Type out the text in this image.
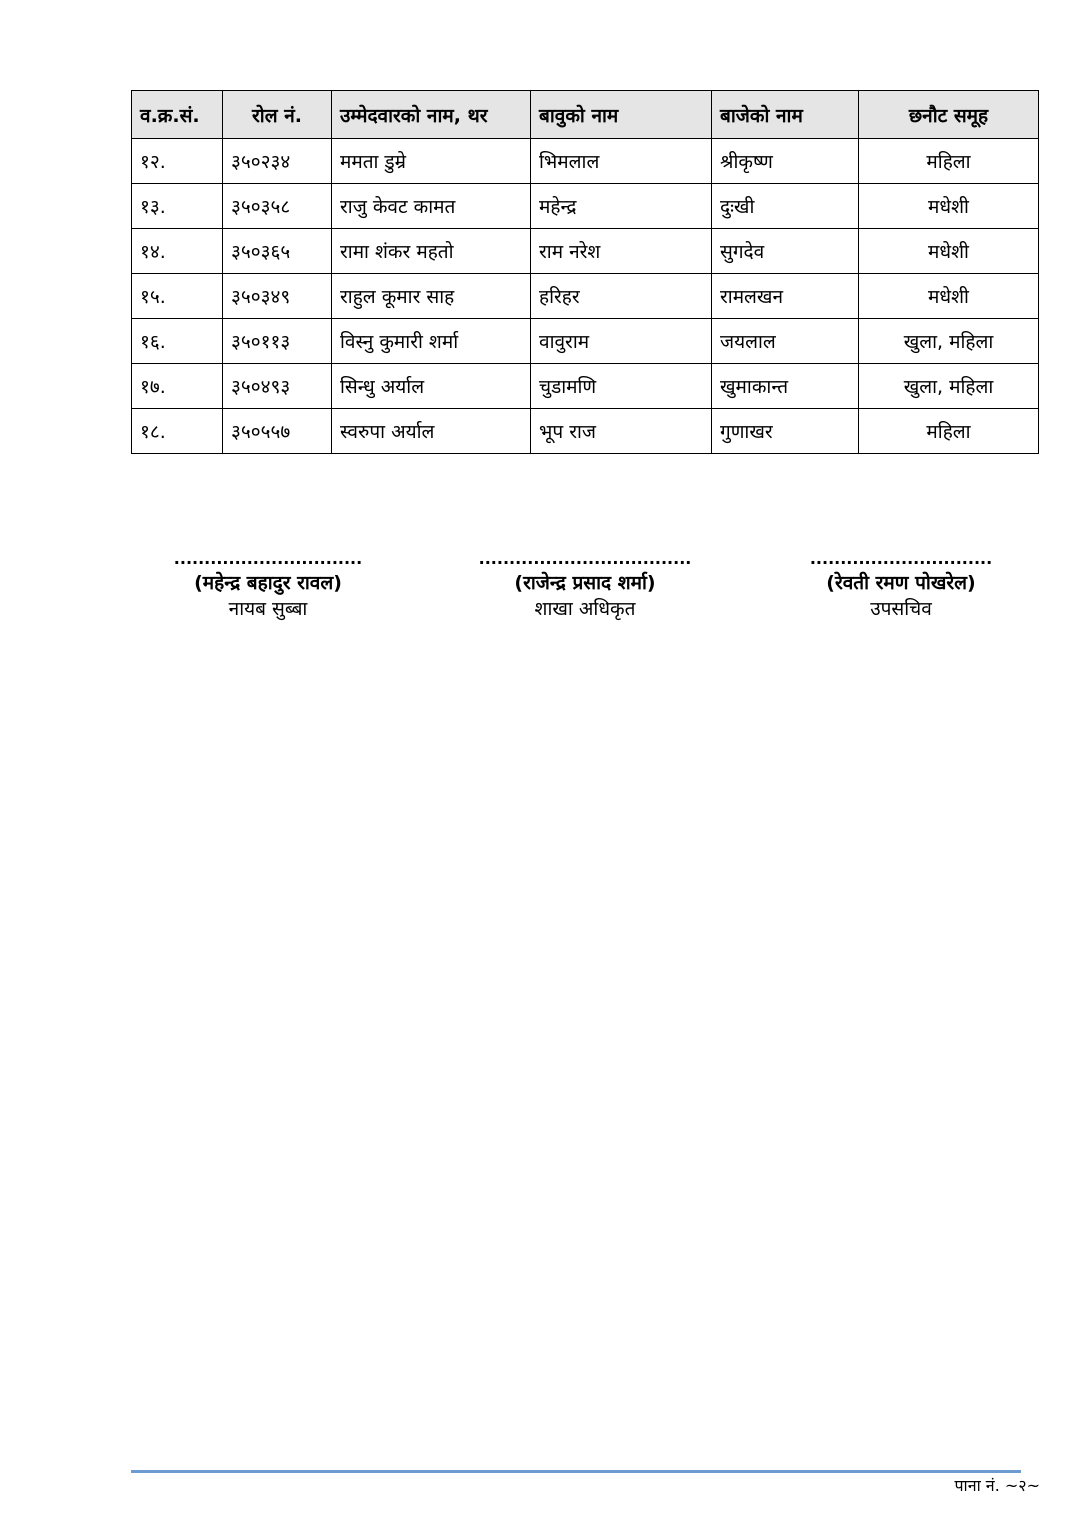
व.क्र.सं.	रोल नं.	उम्मेदवारको नाम, थर	बावुको नाम	बाजेको नाम	छनौट समूह
१२.	३५०२३४	ममता डुम्रे	भिमलाल	श्रीकृष्ण	महिला
१३.	३५०३५८	राजु केवट कामत	महेन्द्र	दुःखी	मधेशी
१४.	३५०३६५	रामा शंकर महतो	राम नरेश	सुगदेव	मधेशी
१५.	३५०३४९	राहुल कूमार साह	हरिहर	रामलखन	मधेशी
१६.	३५०११३	विस्नु कुमारी शर्मा	वावुराम	जयलाल	खुला, महिला
१७.	३५०४९३	सिन्धु अर्याल	चुडामणि	खुमाकान्त	खुला, महिला
१८.	३५०५५७	स्वरुपा अर्याल	भूप राज	गुणाखर	महिला
...............................
(महेन्द्र बहादुर रावल)
नायब सुब्बा
...................................
(राजेन्द्र प्रसाद शर्मा)
शाखा अधिकृत
..............................
(रेवती रमण पोखरेल)
उपसचिव
पाना नं. ~२~
